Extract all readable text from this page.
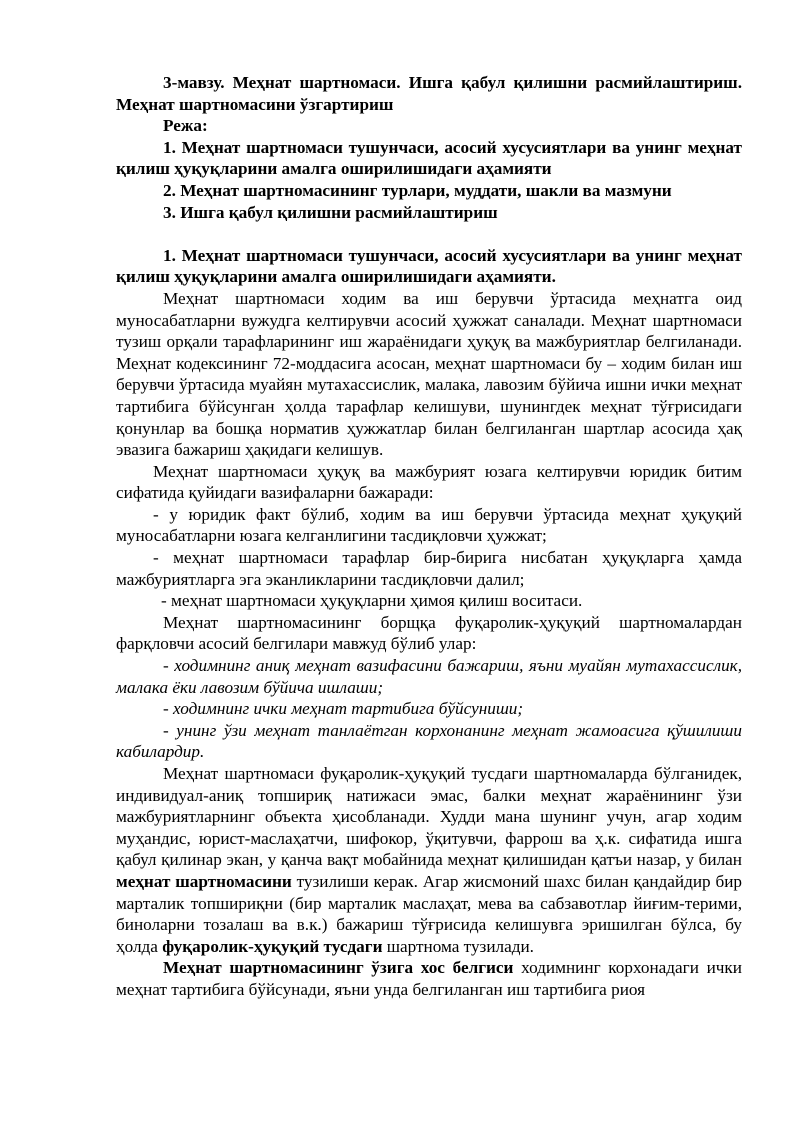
3-мавзу. Меҳнат шартномаси. Ишга қабул қилишни расмийлаштириш. Меҳнат шартномасини ўзгартириш

Режа:

1. Меҳнат шартномаси тушунчаси, асосий хусусиятлари ва унинг меҳнат қилиш ҳуқуқларини амалга оширилишидаги аҳамияти

2. Меҳнат шартномасининг турлари, муддати, шакли ва мазмуни

3. Ишга қабул қилишни расмийлаштириш

1. Меҳнат шартномаси тушунчаси, асосий хусусиятлари ва унинг меҳнат қилиш ҳуқуқларини амалга оширилишидаги аҳамияти.

Меҳнат шартномаси ходим ва иш берувчи ўртасида меҳнатга оид муносабатларни вужудга келтирувчи асосий ҳужжат саналади. Меҳнат шартномаси тузиш орқали тарафларининг иш жараёнидаги ҳуқуқ ва мажбуриятлар белгиланади. Меҳнат кодексининг 72-моддасига асосан, меҳнат шартномаси бу – ходим билан иш берувчи ўртасида муайян мутахассислик, малака, лавозим бўйича ишни ички меҳнат тартибига бўйсунган ҳолда тарафлар келишуви, шунингдек меҳнат тўғрисидаги қонунлар ва бошқа норматив ҳужжатлар билан белгиланган шартлар асосида ҳақ эвазига бажариш ҳақидаги келишув.

Меҳнат шартномаси ҳуқуқ ва мажбурият юзага келтирувчи юридик битим сифатида қуйидаги вазифаларни бажаради:

- у юридик факт бўлиб, ходим ва иш берувчи ўртасида меҳнат ҳуқуқий муносабатларни юзага келганлигини тасдиқловчи ҳужжат;

- меҳнат шартномаси тарафлар бир-бирига нисбатан ҳуқуқларга ҳамда мажбуриятларга эга эканликларини тасдиқловчи далил;

- меҳнат шартномаси ҳуқуқларни ҳимоя қилиш воситаси.

Меҳнат шартномасининг борщқа фуқаролик-ҳуқуқий шартномалардан фарқловчи асосий белгилари мавжуд бўлиб улар:

- ходимнинг аниқ меҳнат вазифасини бажариш, яъни муайян мутахассислик, малака ёки лавозим бўйича ишлаши;

- ходимнинг ички меҳнат тартибига бўйсуниши;

- унинг ўзи меҳнат танлаётган корхонанинг меҳнат жамоасига қўшилиши кабилардир.

Меҳнат шартномаси фуқаролик-ҳуқуқий тусдаги шартномаларда бўлганидек, индивидуал-аниқ топшириқ натижаси эмас, балки меҳнат жараёнининг ўзи мажбуриятларнинг объекта ҳисобланади. Худди мана шунинг учун, агар ходим муҳандис, юрист-маслаҳатчи, шифокор, ўқитувчи, фаррош ва ҳ.к. сифатида ишга қабул қилинар экан, у қанча вақт мобайнида меҳнат қилишидан қатъи назар, у билан меҳнат шартномасини тузилиши керак. Агар жисмоний шахс билан қандайдир бир марталик топшириқни (бир марталик маслаҳат, мева ва сабзавотлар йиғим-терими, биноларни тозалаш ва в.к.) бажариш тўғрисида келишувга эришилган бўлса, бу ҳолда фуқаролик-ҳуқуқий тусдаги шартнома тузилади.

Меҳнат шартномасининг ўзига хос белгиси ходимнинг корхонадаги ички меҳнат тартибига бўйсунади, яъни унда белгиланган иш тартибига риоя
